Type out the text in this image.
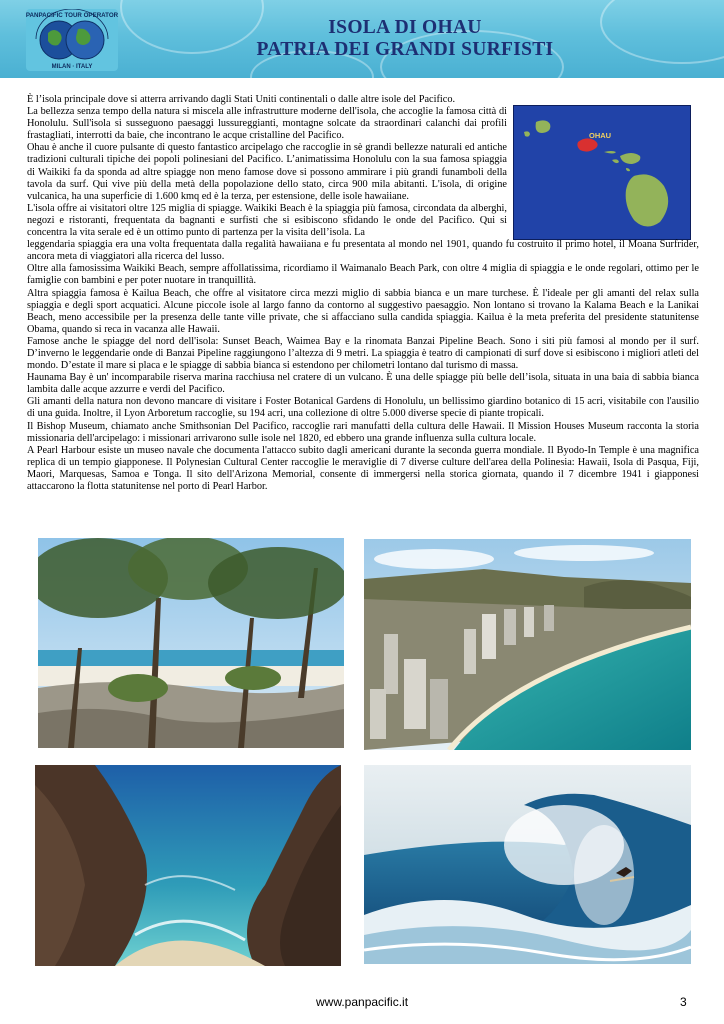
PANPACIFIC TOUR OPERATOR
MILAN · ITALY
ISOLA DI OHAU
PATRIA DEI GRANDI SURFISTI
OHAU

È l’isola principale dove si atterra arrivando dagli Stati Uniti continentali o dalle altre isole del Pacifico.

La bellezza senza tempo della natura si miscela alle infrastrutture moderne dell'isola, che accoglie la famosa città di Honolulu. Sull'isola si susseguono paesaggi lussureggianti, montagne solcate da straordinari calanchi dai profili frastagliati, interrotti da baie, che incontrano le acque cristalline del Pacifico.

Ohau è anche il cuore pulsante di questo fantastico arcipelago che raccoglie in sè grandi bellezze naturali ed antiche tradizioni culturali tipiche dei popoli polinesiani del Pacifico. L’animatissima Honolulu con la sua famosa spiaggia di Waikiki fa da sponda ad altre spiagge non meno famose dove si possono ammirare i più grandi funamboli della tavola da surf. Qui vive più della metà della popolazione dello stato, circa 900 mila abitanti. L'isola, di origine vulcanica, ha una superficie di 1.600 kmq ed è la terza, per estensione, delle isole hawaiiane.

L'isola offre ai visitatori oltre 125 miglia di spiagge. Waikiki Beach è la spiaggia più famosa, circondata da alberghi, negozi e ristoranti, frequentata da bagnanti e surfisti che si esibiscono sfidando le onde del Pacifico. Qui si concentra la vita serale ed è un ottimo punto di partenza per la visita dell’isola. La

leggendaria spiaggia era una volta frequentata dalla regalità hawaiiana e fu presentata al mondo nel 1901, quando fu costruito il primo hotel, il Moana Surfrider, ancora meta di viaggiatori alla ricerca del lusso.

Oltre alla famosissima Waikiki Beach, sempre affollatissima, ricordiamo il Waimanalo Beach Park, con oltre 4 miglia di spiaggia e le onde regolari, ottimo per le famiglie con bambini e per poter nuotare in tranquillità.

Altra spiaggia famosa è Kailua Beach, che offre al visitatore circa mezzi miglio di sabbia bianca e un mare turchese. È l'ideale per gli amanti del relax sulla spiaggia e degli sport acquatici. Alcune piccole isole al largo fanno da contorno al suggestivo paesaggio. Non lontano si trovano la Kalama Beach e la Lanikai Beach, meno accessibile per la presenza delle tante ville private, che si affacciano sulla candida spiaggia. Kailua è la meta preferita del presidente statunitense Obama, quando si reca in vacanza alle Hawaii.

Famose anche le spiagge del nord dell'isola: Sunset Beach, Waimea Bay e la rinomata Banzai Pipeline Beach. Sono i siti più famosi al mondo per il surf. D’inverno le leggendarie onde di Banzai Pipeline raggiungono l’altezza di 9 metri. La spiaggia è teatro di campionati di surf dove si esibiscono i migliori atleti del mondo. D’estate il mare si placa e le spiagge di sabbia bianca si estendono per chilometri lontano dal turismo di massa.

Haunama Bay è un' incomparabile riserva marina racchiusa nel cratere di un vulcano. È una delle spiagge più belle dell’isola, situata in una baia di sabbia bianca lambita dalle acque azzurre e verdi del Pacifico.

Gli amanti della natura non devono mancare di visitare i Foster Botanical Gardens di Honolulu, un bellissimo giardino botanico di 15 acri, visitabile con l'ausilio di una guida. Inoltre, il Lyon Arboretum raccoglie, su 194 acri, una collezione di oltre 5.000 diverse specie di piante tropicali.

Il Bishop Museum, chiamato anche Smithsonian Del Pacifico, raccoglie rari manufatti della cultura delle Hawaii. Il Mission Houses Museum racconta la storia missionaria dell'arcipelago: i missionari arrivarono sulle isole nel 1820, ed ebbero una grande influenza sulla cultura locale.

A Pearl Harbour esiste un museo navale che documenta l'attacco subito dagli americani durante la seconda guerra mondiale. Il Byodo-In Temple è una magnifica replica di un tempio giapponese. Il Polynesian Cultural Center raccoglie le meraviglie di 7 diverse culture dell'area della Polinesia: Hawaii, Isola di Pasqua, Fiji, Maori, Marquesas, Samoa e Tonga. Il sito dell'Arizona Memorial, consente di immergersi nella storica giornata, quando il 7 dicembre 1941 i giapponesi attaccarono la flotta statunitense nel porto di Pearl Harbor.

www.panpacific.it	3
